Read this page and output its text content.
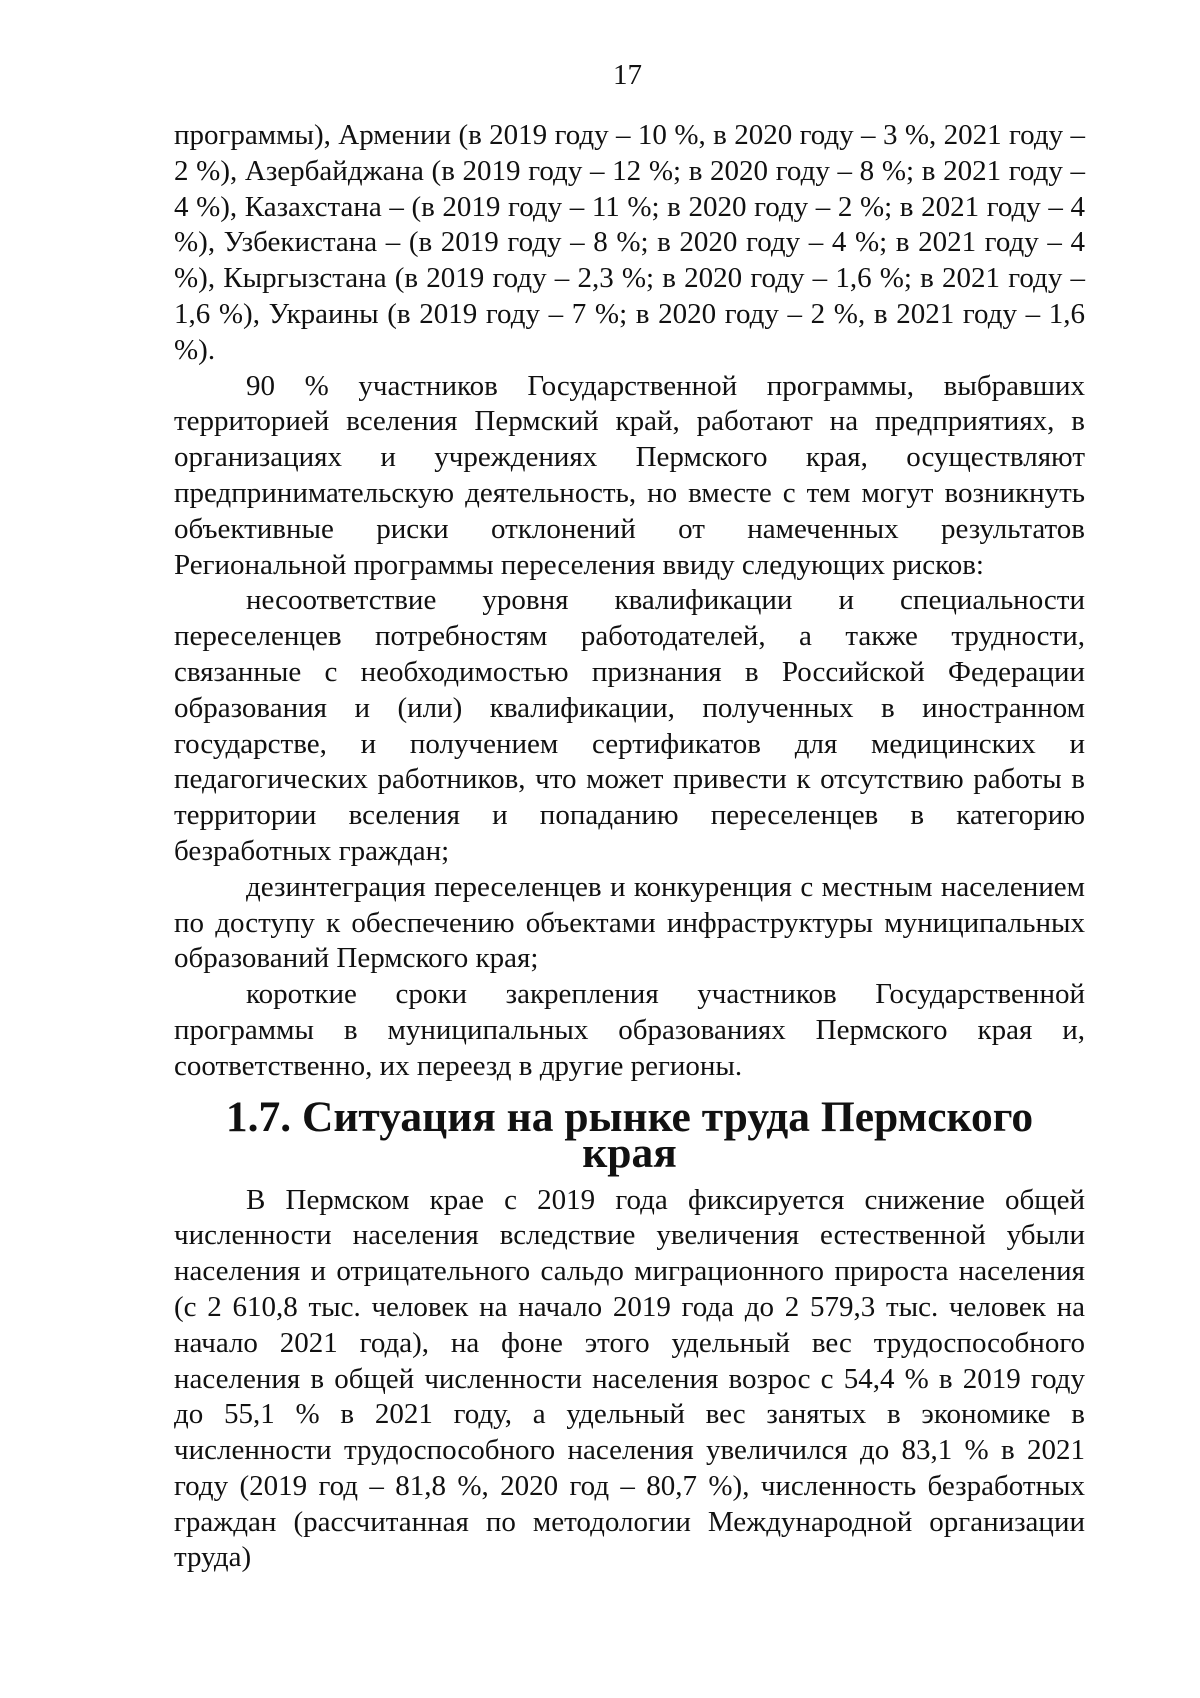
17

программы), Армении (в 2019 году – 10 %, в 2020 году – 3 %, 2021 году – 2 %), Азербайджана (в 2019 году – 12 %; в 2020 году – 8 %; в 2021 году – 4 %), Казахстана – (в 2019 году – 11 %; в 2020 году – 2 %; в 2021 году – 4 %), Узбекистана – (в 2019 году – 8 %; в 2020 году – 4 %; в 2021 году – 4 %), Кыргызстана (в 2019 году – 2,3 %; в 2020 году – 1,6 %; в 2021 году – 1,6 %), Украины (в 2019 году – 7 %; в 2020 году – 2 %, в 2021 году – 1,6 %).

90 % участников Государственной программы, выбравших территорией вселения Пермский край, работают на предприятиях, в организациях и учреждениях Пермского края, осуществляют предпринимательскую деятельность, но вместе с тем могут возникнуть объективные риски отклонений от намеченных результатов Региональной программы переселения ввиду следующих рисков:

несоответствие уровня квалификации и специальности переселенцев потребностям работодателей, а также трудности, связанные с необходимостью признания в Российской Федерации образования и (или) квалификации, полученных в иностранном государстве, и получением сертификатов для медицинских и педагогических работников, что может привести к отсутствию работы в территории вселения и попаданию переселенцев в категорию безработных граждан;

дезинтеграция переселенцев и конкуренция с местным населением по доступу к обеспечению объектами инфраструктуры муниципальных образований Пермского края;

короткие сроки закрепления участников Государственной программы в муниципальных образованиях Пермского края и, соответственно, их переезд в другие регионы.

1.7. Ситуация на рынке труда Пермского края

В Пермском крае с 2019 года фиксируется снижение общей численности населения вследствие увеличения естественной убыли населения и отрицательного сальдо миграционного прироста населения (с 2 610,8 тыс. человек на начало 2019 года до 2 579,3 тыс. человек на начало 2021 года), на фоне этого удельный вес трудоспособного населения в общей численности населения возрос с 54,4 % в 2019 году до 55,1 % в 2021 году, а удельный вес занятых в экономике в численности трудоспособного населения увеличился до 83,1 % в 2021 году (2019 год – 81,8 %, 2020 год – 80,7 %), численность безработных граждан (рассчитанная по методологии Международной организации труда)
